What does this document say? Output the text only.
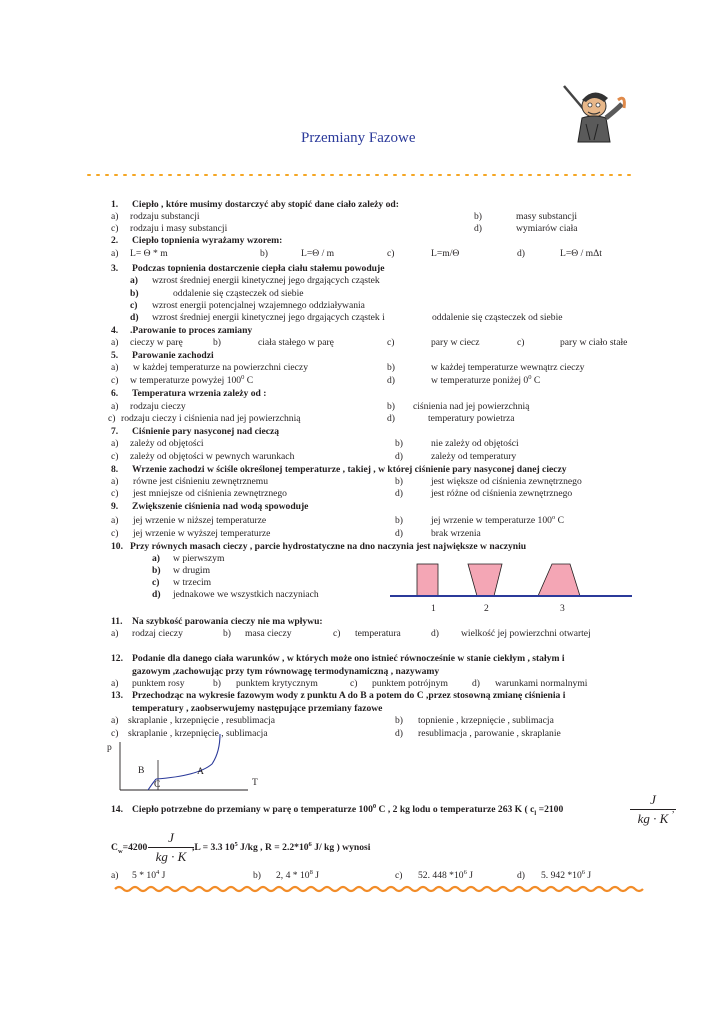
Przemiany Fazowe
1. Ciepło , które musimy dostarczyć aby stopić dane ciało zależy od:
a) rodzaju substancji	b)	masy substancji
c) rodzaju i masy substancji	d)	wymiarów ciała
2. Ciepło topnienia wyrażamy wzorem:
a) L= Θ * m	b)	L=Θ / m	c)	L=m/Θ	d)	L=Θ / mΔt
3. Podczas topnienia dostarczenie ciepła ciału stałemu powoduje
a) wzrost średniej energii kinetycznej jego drgających cząstek
b)	oddalenie się cząsteczek od siebie
c) wzrost energii potencjalnej wzajemnego oddziaływania
d) wzrost średniej energii kinetycznej jego drgających cząstek i	oddalenie się cząsteczek od siebie
4. .Parowanie to proces zamiany
a) cieczy w parę	b)	ciała stałego w parę	c)	pary w ciecz	c)	pary w ciało stałe
5. Parowanie zachodzi
a) w każdej temperaturze na powierzchni cieczy	b)	w każdej temperaturze wewnątrz cieczy
c) w temperaturze powyżej $100^0$ C	d)	w temperaturze poniżej $0^0$ C
6. Temperatura wrzenia zależy od :
a) rodzaju cieczy	b) ciśnienia nad jej powierzchnią
c) rodzaju cieczy i ciśnienia nad jej powierzchnią	d)	temperatury powietrza
7. Ciśnienie pary nasyconej nad cieczą
a) zależy od objętości	b)	nie zależy od objętości
c) zależy od objętości w pewnych warunkach	d)	zależy od temperatury
8. Wrzenie zachodzi w ściśle określonej temperaturze , takiej , w której ciśnienie pary nasyconej danej cieczy
a) równe jest ciśnieniu zewnętrznemu	b)	jest większe od ciśnienia zewnętrznego
c) jest mniejsze od ciśnienia zewnętrznego	d)	jest różne od ciśnienia zewnętrznego
9. Zwiększenie ciśnienia nad wodą spowoduje
a) jej wrzenie w niższej temperaturze	b)	jej wrzenie w temperaturze 100$^o$ C
c) jej wrzenie w wyższej temperaturze	d)	brak wrzenia
10. Przy równych masach cieczy , parcie hydrostatyczne na dno naczynia jest największe w naczyniu
a) w pierwszym
b) w drugim
c) w trzecim
d) jednakowe we wszystkich naczyniach
1	2	3
11. Na szybkość parowania cieczy nie ma wpływu:
a) rodzaj cieczy	b) masa cieczy	c) temperatura	d) wielkość jej powierzchni otwartej
12. Podanie dla danego ciała warunków , w których może ono istnieć równocześnie w stanie ciekłym , stałym i
gazowym ,zachowując przy tym równowagę termodynamiczną , nazywamy
a) punktem rosy	b) punktem krytycznym	c) punktem potrójnym	d) warunkami normalnymi
13. Przechodząc na wykresie fazowym wody z punktu A do B a potem do C ,przez stosowną zmianę ciśnienia i
temperatury , zaobserwujemy następujące przemiany fazowe
a) skraplanie , krzepnięcie , resublimacja	b) topnienie , krzepnięcie , sublimacja
c) skraplanie , krzepnięcie , sublimacja	d) resublimacja , parowanie , skraplanie
p
T
A
B
C
14. Ciepło potrzebne do przemiany w parę o temperaturze $100^0$ C , 2 kg lodu o temperaturze 263 K ( $c_l =2100$
J
kg · K
,
$C_w=4200$
J
kg · K
,L = 3.3 $10^5$ J/kg , $R = 2.2*10^6$ J/ kg ) wynosi
a) $5 * 10^4$ J	b) 2, $4 * 10^8$ J	c) 52. 448 $*10^6$ J	d) 5. 942 $*10^6$ J
